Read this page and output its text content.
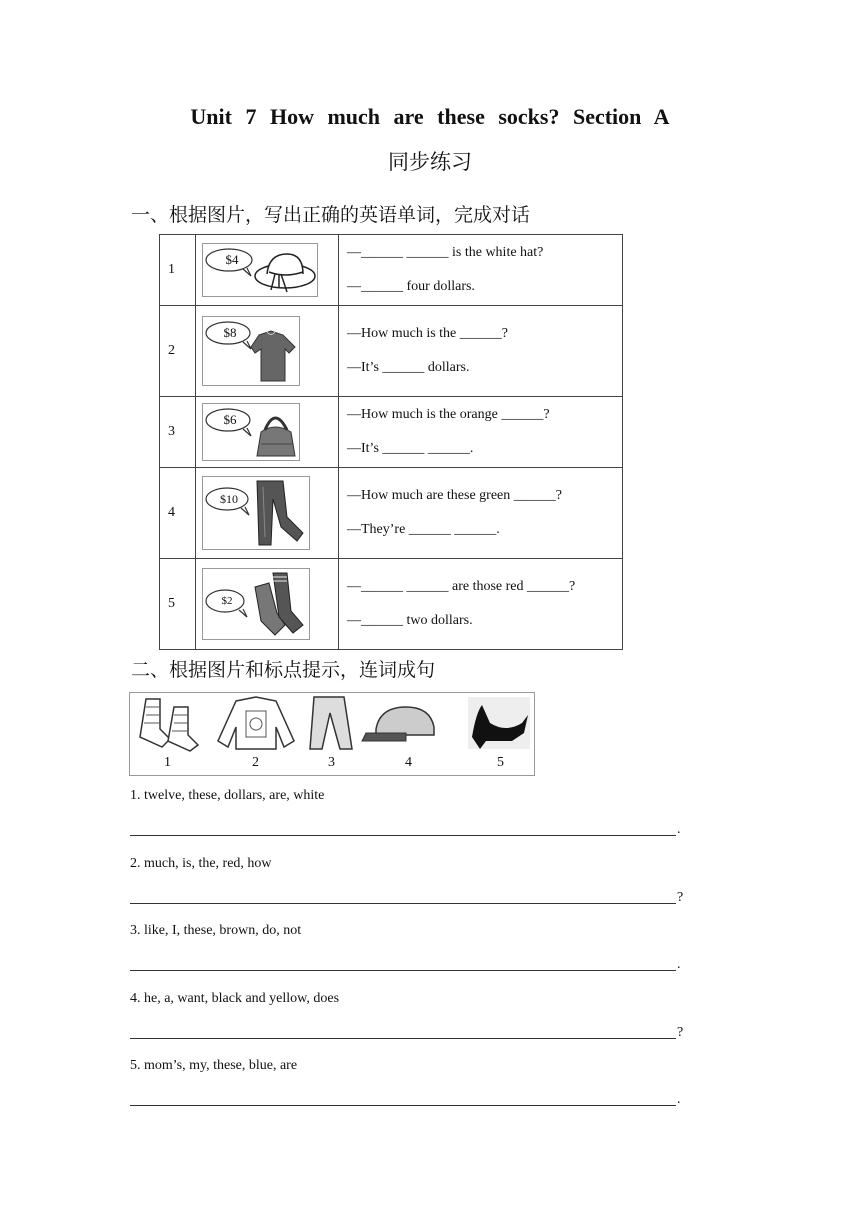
Unit 7 How much are these socks? Section A
同步练习
一、根据图片，写出正确的英语单词，完成对话
1	$4	—______ ______ is the white hat?
—______ four dollars.

2	$8	—How much is the ______?
—It’s ______ dollars.

3	$6	—How much is the orange ______?
—It’s ______ ______.

4	$10	—How much are these green ______?
—They’re ______ ______.

5	$2	—______ ______ are those red ______?
—______ two dollars.
二、根据图片和标点提示，连词成句
1	2	3	4	5
1. twelve, these, dollars, are, white
.
2. much, is, the, red, how
?
3. like, I, these, brown, do, not
.
4. he, a, want, black and yellow, does
?
5. mom’s, my, these, blue, are
.
